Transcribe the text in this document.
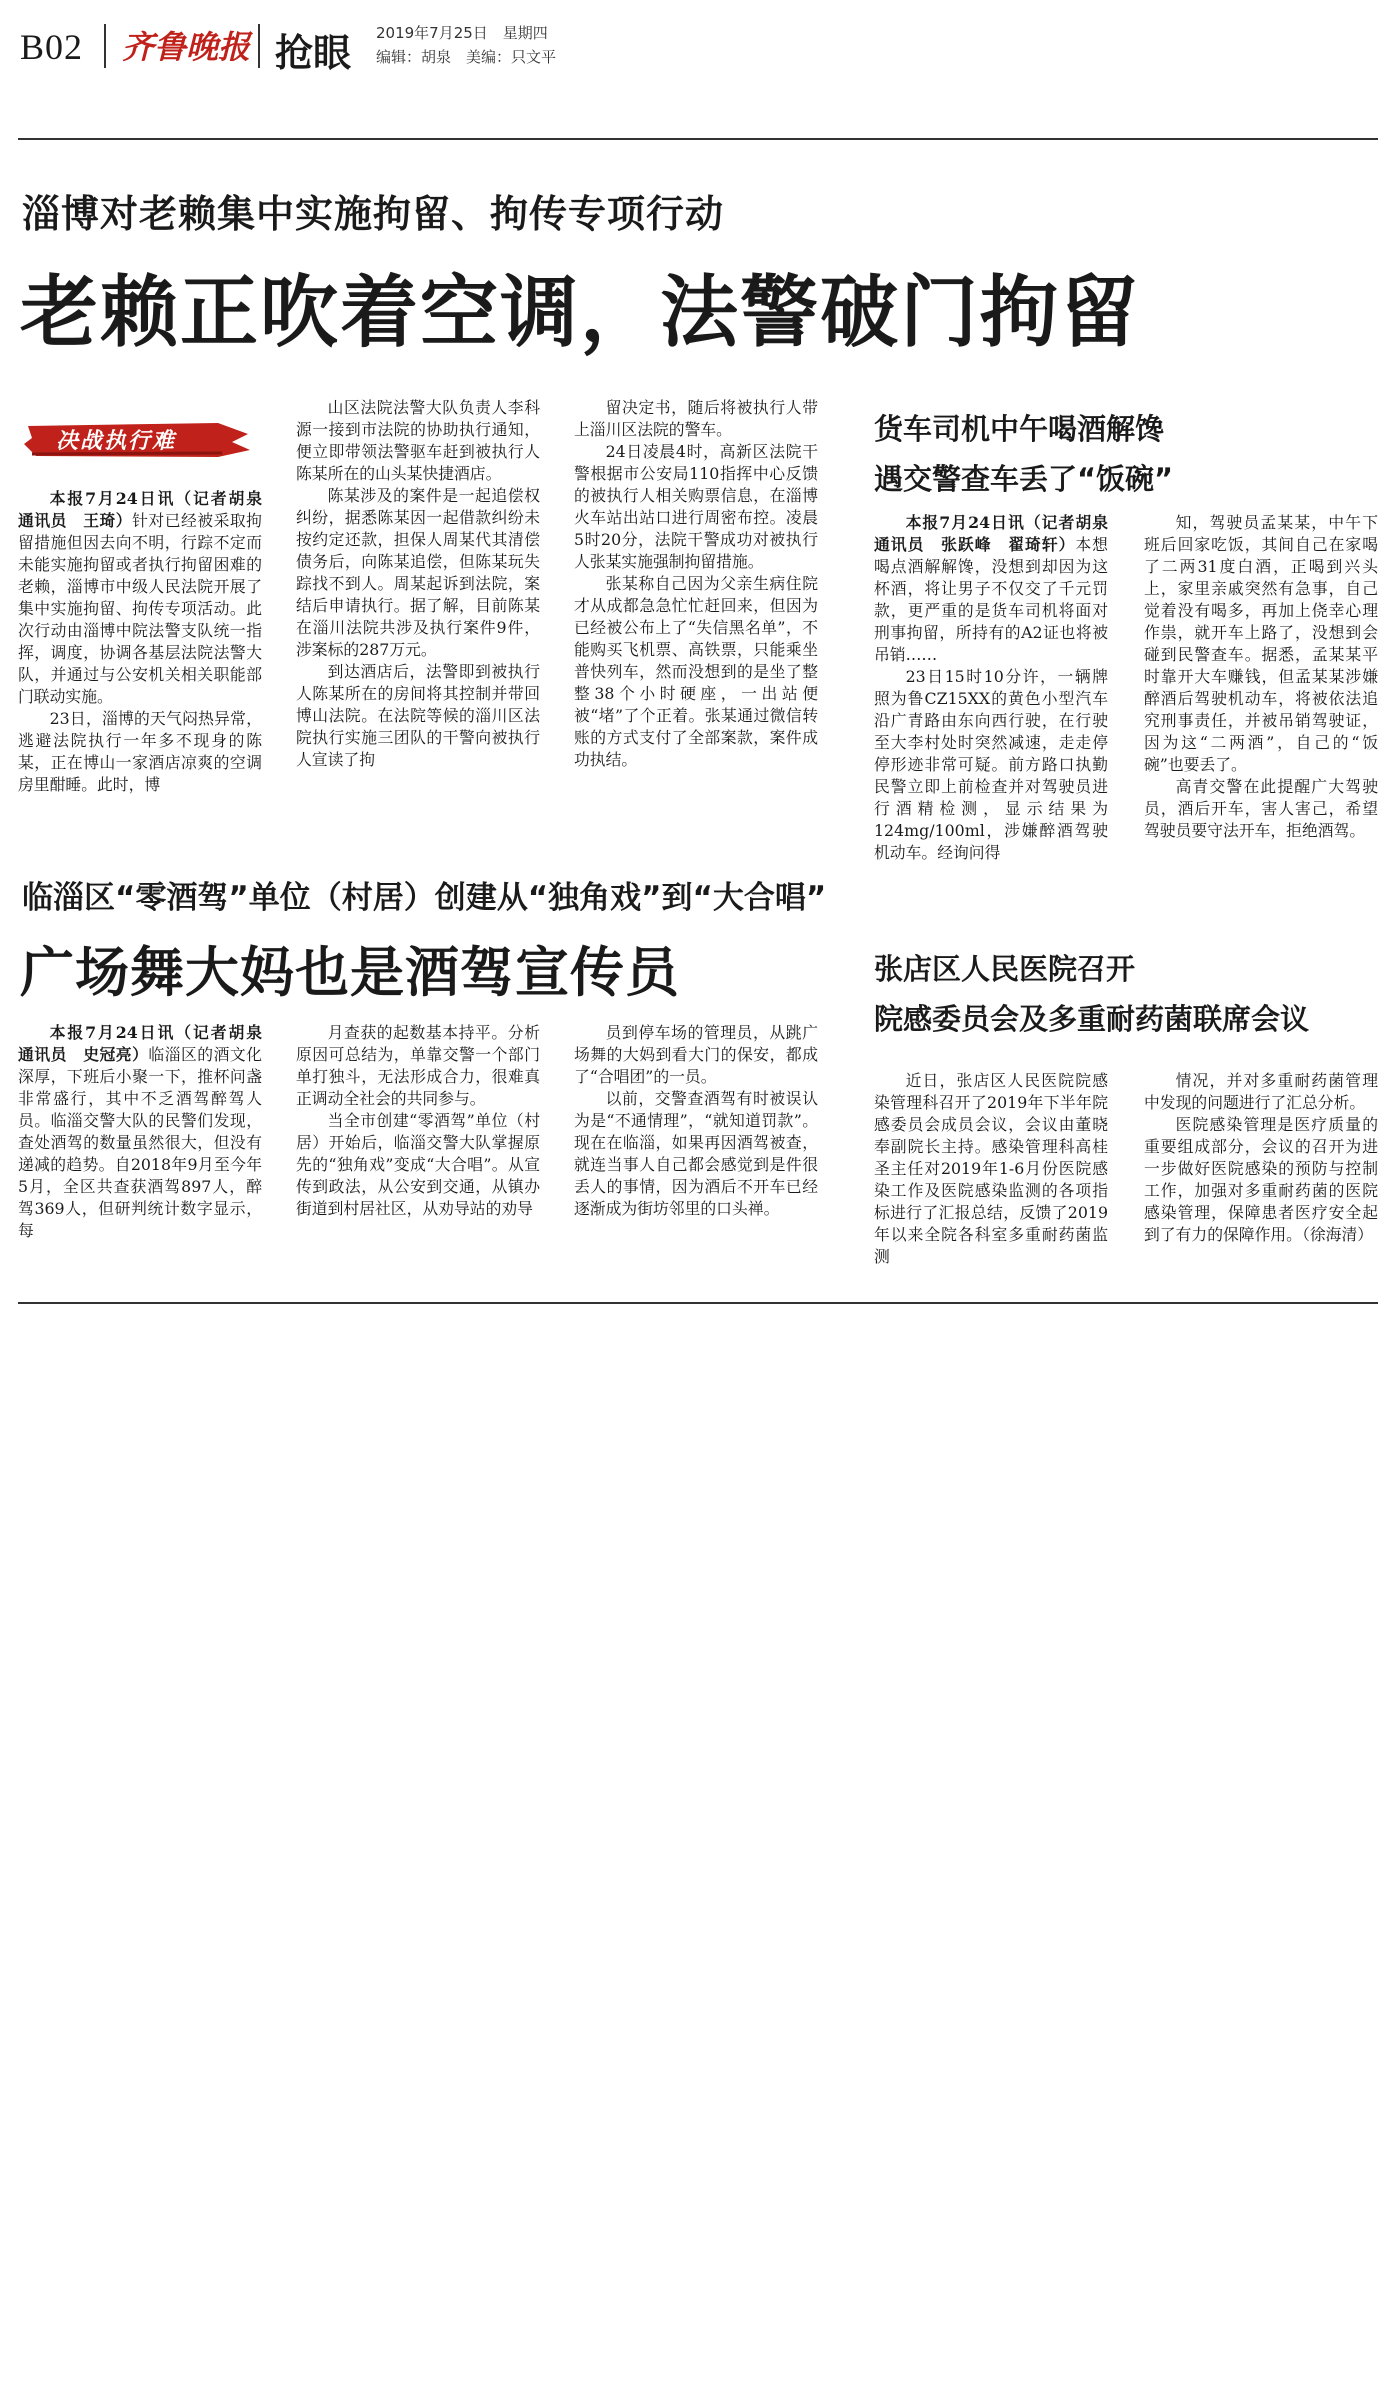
B02 齐鲁晚报 抢眼 2019年7月25日　星期四
编辑：胡泉　美编：只文平
淄博对老赖集中实施拘留、拘传专项行动
老赖正吹着空调，法警破门拘留
决战执行难

本报7月24日讯（记者胡泉　通讯员　王琦）针对已经被采取拘留措施但因去向不明，行踪不定而未能实施拘留或者执行拘留困难的老赖，淄博市中级人民法院开展了集中实施拘留、拘传专项活动。此次行动由淄博中院法警支队统一指挥，调度，协调各基层法院法警大队，并通过与公安机关相关职能部门联动实施。

23日，淄博的天气闷热异常，逃避法院执行一年多不现身的陈某，正在博山一家酒店凉爽的空调房里酣睡。此时，博

山区法院法警大队负责人李科源一接到市法院的协助执行通知，便立即带领法警驱车赶到被执行人陈某所在的山头某快捷酒店。

陈某涉及的案件是一起追偿权纠纷，据悉陈某因一起借款纠纷未按约定还款，担保人周某代其清偿债务后，向陈某追偿，但陈某玩失踪找不到人。周某起诉到法院，案结后申请执行。据了解，目前陈某在淄川法院共涉及执行案件9件，涉案标的287万元。

到达酒店后，法警即到被执行人陈某所在的房间将其控制并带回博山法院。在法院等候的淄川区法院执行实施三团队的干警向被执行人宣读了拘

留决定书，随后将被执行人带上淄川区法院的警车。

24日凌晨4时，高新区法院干警根据市公安局110指挥中心反馈的被执行人相关购票信息，在淄博火车站出站口进行周密布控。凌晨5时20分，法院干警成功对被执行人张某实施强制拘留措施。

张某称自己因为父亲生病住院才从成都急急忙忙赶回来，但因为已经被公布上了“失信黑名单”，不能购买飞机票、高铁票，只能乘坐普快列车，然而没想到的是坐了整整38个小时硬座，一出站便被“堵”了个正着。张某通过微信转账的方式支付了全部案款，案件成功执结。

货车司机中午喝酒解馋
遇交警查车丢了“饭碗”

本报7月24日讯（记者胡泉　通讯员　张跃峰　翟琦轩）本想喝点酒解解馋，没想到却因为这杯酒，将让男子不仅交了千元罚款，更严重的是货车司机将面对刑事拘留，所持有的A2证也将被吊销……

23日15时10分许，一辆牌照为鲁CZ15XX的黄色小型汽车沿广青路由东向西行驶，在行驶至大李村处时突然减速，走走停停形迹非常可疑。前方路口执勤民警立即上前检查并对驾驶员进行酒精检测，显示结果为124mg/100ml，涉嫌醉酒驾驶机动车。经询问得

知，驾驶员孟某某，中午下班后回家吃饭，其间自己在家喝了二两31度白酒，正喝到兴头上，家里亲戚突然有急事，自己觉着没有喝多，再加上侥幸心理作祟，就开车上路了，没想到会碰到民警查车。据悉，孟某某平时靠开大车赚钱，但孟某某涉嫌醉酒后驾驶机动车，将被依法追究刑事责任，并被吊销驾驶证，因为这“二两酒”，自己的“饭碗”也要丢了。

高青交警在此提醒广大驾驶员，酒后开车，害人害己，希望驾驶员要守法开车，拒绝酒驾。

临淄区“零酒驾”单位（村居）创建从“独角戏”到“大合唱”
广场舞大妈也是酒驾宣传员

本报7月24日讯（记者胡泉　通讯员　史冠亮）临淄区的酒文化深厚，下班后小聚一下，推杯问盏非常盛行，其中不乏酒驾醉驾人员。临淄交警大队的民警们发现，查处酒驾的数量虽然很大，但没有递减的趋势。自2018年9月至今年5月，全区共查获酒驾897人，醉驾369人，但研判统计数字显示，每

月查获的起数基本持平。分析原因可总结为，单靠交警一个部门单打独斗，无法形成合力，很难真正调动全社会的共同参与。

当全市创建“零酒驾”单位（村居）开始后，临淄交警大队掌握原先的“独角戏”变成“大合唱”。从宣传到政法，从公安到交通，从镇办街道到村居社区，从劝导站的劝导

员到停车场的管理员，从跳广场舞的大妈到看大门的保安，都成了“合唱团”的一员。

以前，交警查酒驾有时被误认为是“不通情理”，“就知道罚款”。现在在临淄，如果再因酒驾被查，就连当事人自己都会感觉到是件很丢人的事情，因为酒后不开车已经逐渐成为街坊邻里的口头禅。

张店区人民医院召开
院感委员会及多重耐药菌联席会议

近日，张店区人民医院院感染管理科召开了2019年下半年院感委员会成员会议，会议由董晓奉副院长主持。感染管理科高桂圣主任对2019年1-6月份医院感染工作及医院感染监测的各项指标进行了汇报总结，反馈了2019年以来全院各科室多重耐药菌监测

情况，并对多重耐药菌管理中发现的问题进行了汇总分析。

医院感染管理是医疗质量的重要组成部分，会议的召开为进一步做好医院感染的预防与控制工作，加强对多重耐药菌的医院感染管理，保障患者医疗安全起到了有力的保障作用。（徐海清）
